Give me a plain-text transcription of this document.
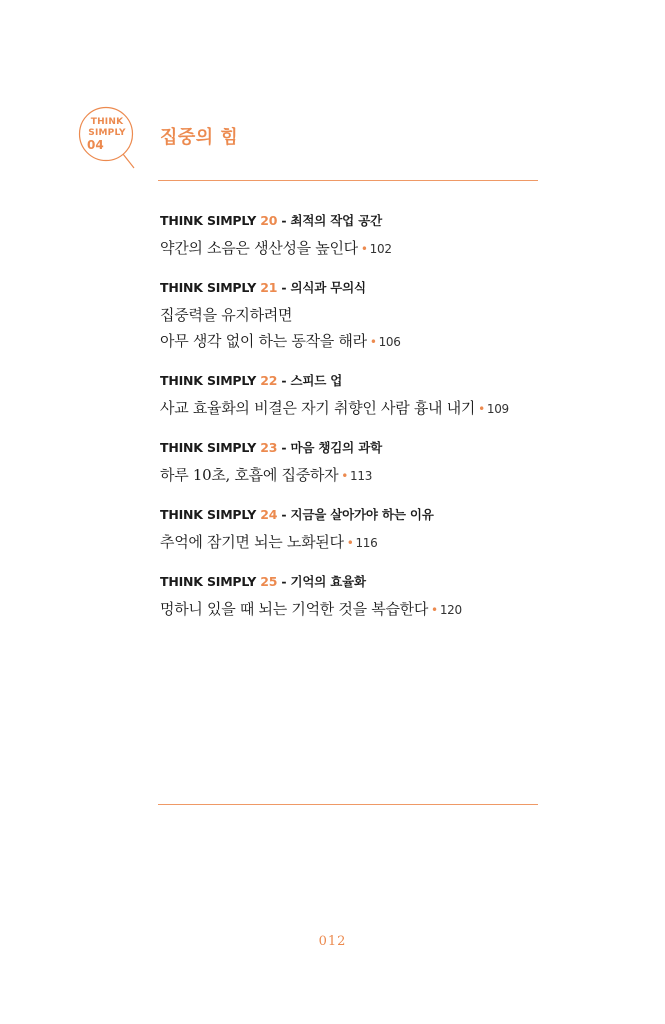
THINK
SIMPLY
04	집중의 힘
THINK SIMPLY 20 - 최적의 작업 공간
약간의 소음은 생산성을 높인다 • 102
THINK SIMPLY 21 - 의식과 무의식
집중력을 유지하려면
아무 생각 없이 하는 동작을 해라 • 106
THINK SIMPLY 22 - 스피드 업
사교 효율화의 비결은 자기 취향인 사람 흉내 내기 • 109
THINK SIMPLY 23 - 마음 챙김의 과학
하루 10초, 호흡에 집중하자 • 113
THINK SIMPLY 24 - 지금을 살아가야 하는 이유
추억에 잠기면 뇌는 노화된다 • 116
THINK SIMPLY 25 - 기억의 효율화
멍하니 있을 때 뇌는 기억한 것을 복습한다 • 120
012
